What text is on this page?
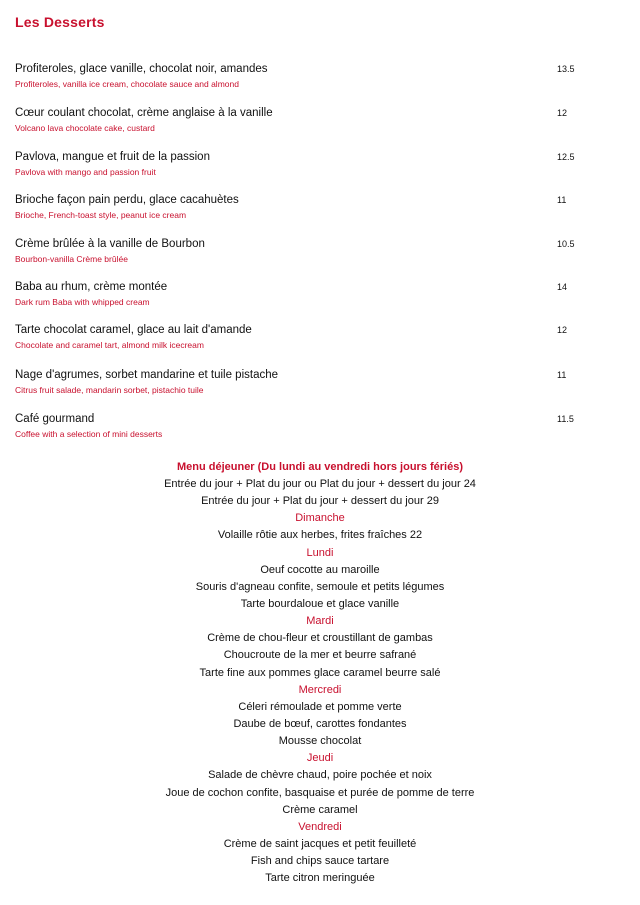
Les Desserts
Profiteroles, glace vanille, chocolat noir, amandes
Profiteroles, vanilla ice cream, chocolate sauce and almond
13.5
Cœur coulant chocolat, crème anglaise à la vanille
Volcano lava chocolate cake, custard
12
Pavlova, mangue et fruit de la passion
Pavlova with mango and passion fruit
12.5
Brioche façon pain perdu, glace cacahuètes
Brioche, French-toast style, peanut ice cream
11
Crème brûlée à la vanille de Bourbon
Bourbon-vanilla Crème brûlée
10.5
Baba au rhum, crème montée
Dark rum Baba with whipped cream
14
Tarte chocolat caramel, glace au lait d'amande
Chocolate and caramel tart, almond milk icecream
12
Nage d'agrumes, sorbet mandarine et tuile pistache
Citrus fruit salade, mandarin sorbet, pistachio tuile
11
Café gourmand
Coffee with a selection of mini desserts
11.5
Menu déjeuner (Du lundi au vendredi hors jours fériés)
Entrée du jour + Plat du jour ou Plat du jour + dessert du jour 24
Entrée du jour + Plat du jour + dessert du jour 29
Dimanche
Volaille rôtie aux herbes, frites fraîches 22
Lundi
Oeuf cocotte au maroille
Souris d'agneau confite, semoule et petits légumes
Tarte bourdaloue et glace vanille
Mardi
Crème de chou-fleur et croustillant de gambas
Choucroute de la mer et beurre safrané
Tarte fine aux pommes glace caramel beurre salé
Mercredi
Céleri rémoulade et pomme verte
Daube de bœuf, carottes fondantes
Mousse chocolat
Jeudi
Salade de chèvre chaud, poire pochée et noix
Joue de cochon confite, basquaise et purée de pomme de terre
Crème caramel
Vendredi
Crème de saint jacques et petit feuilleté
Fish and chips sauce tartare
Tarte citron meringuée
